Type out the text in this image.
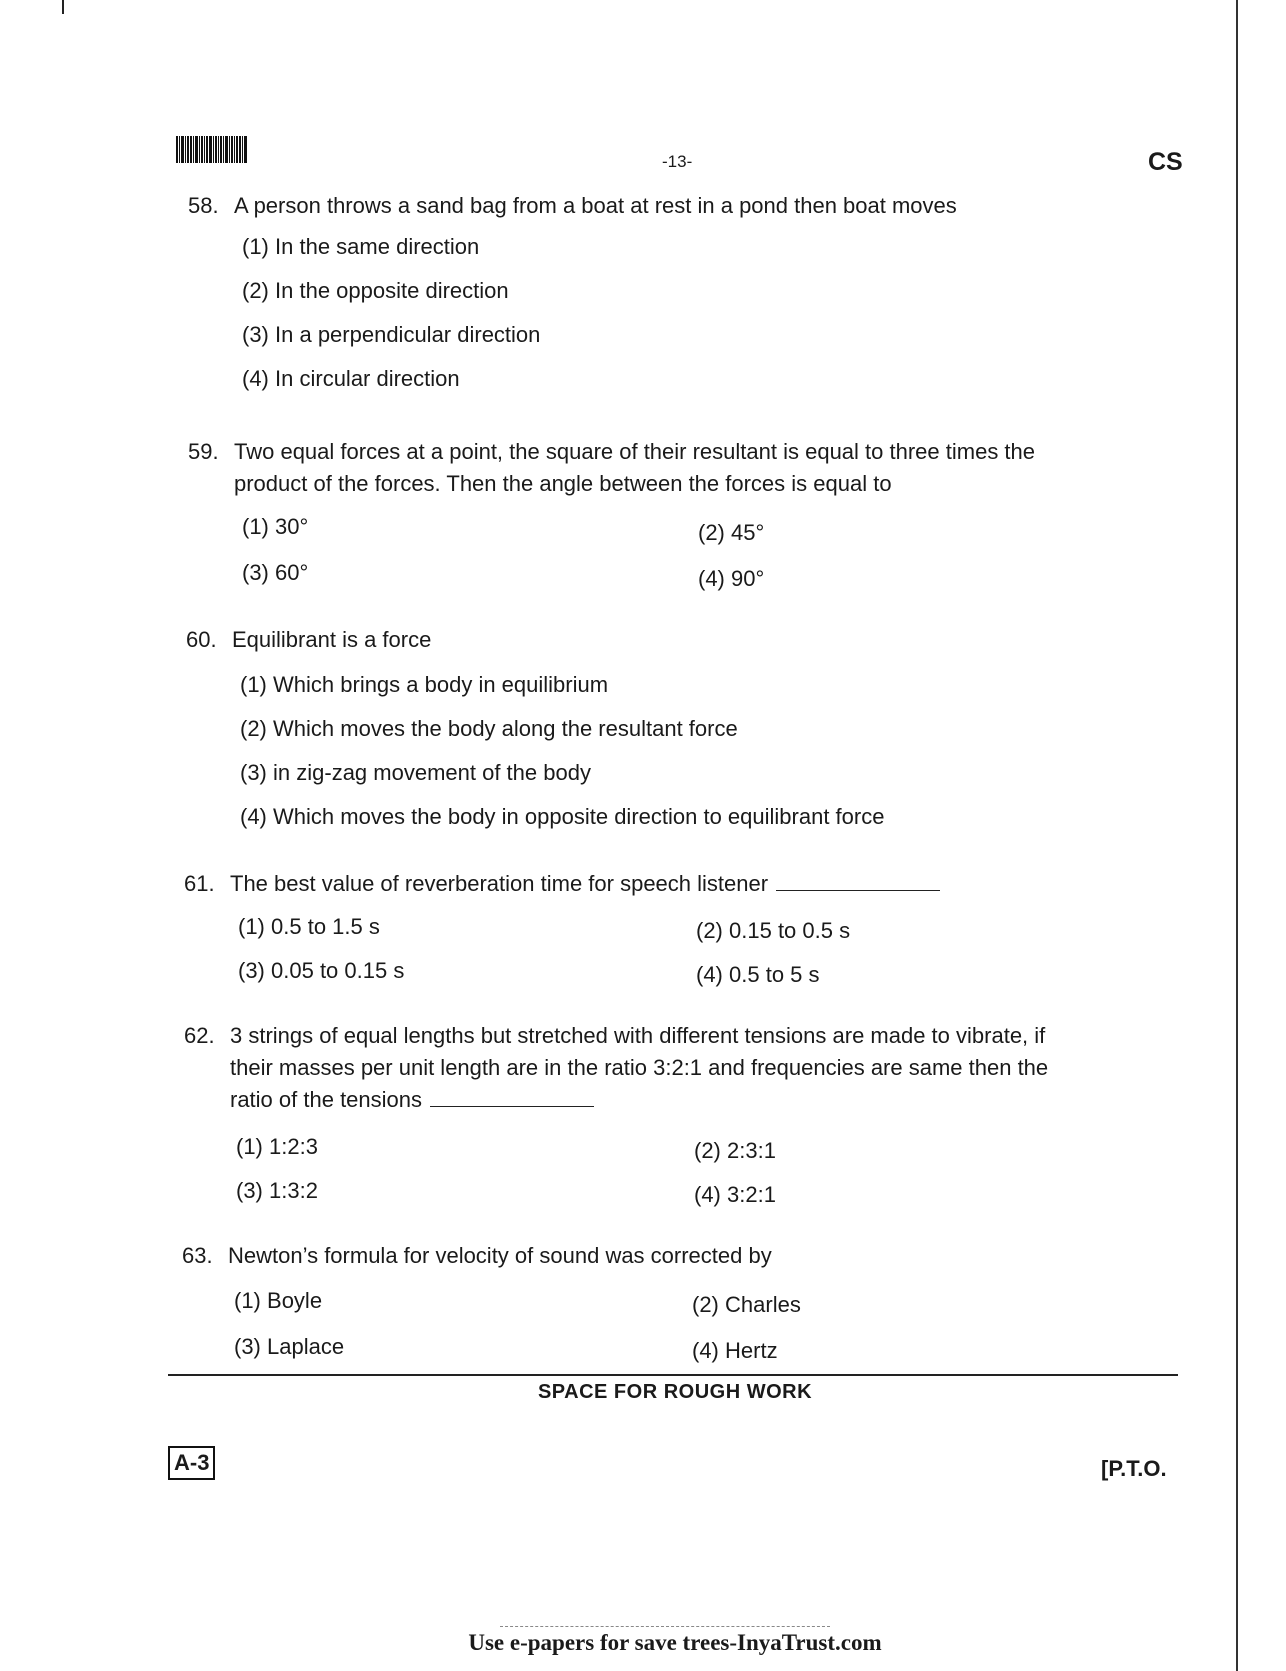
-13-	CS
58. A person throws a sand bag from a boat at rest in a pond then boat moves
(1) In the same direction
(2) In the opposite direction
(3) In a perpendicular direction
(4) In circular direction
59. Two equal forces at a point, the square of their resultant is equal to three times the
product of the forces. Then the angle between the forces is equal to
(1) 30°	(2) 45°
(3) 60°	(4) 90°
60. Equilibrant is a force
(1) Which brings a body in equilibrium
(2) Which moves the body along the resultant force
(3) in zig-zag movement of the body
(4) Which moves the body in opposite direction to equilibrant force
61. The best value of reverberation time for speech listener
(1) 0.5 to 1.5 s	(2) 0.15 to 0.5 s
(3) 0.05 to 0.15 s	(4) 0.5 to 5 s
62. 3 strings of equal lengths but stretched with different tensions are made to vibrate, if
their masses per unit length are in the ratio 3:2:1 and frequencies are same then the
ratio of the tensions
(1) 1:2:3	(2) 2:3:1
(3) 1:3:2	(4) 3:2:1
63. Newton’s formula for velocity of sound was corrected by
(1) Boyle	(2) Charles
(3) Laplace	(4) Hertz
SPACE FOR ROUGH WORK
A-3	[P.T.O.
Use e-papers for save trees-InyaTrust.com
